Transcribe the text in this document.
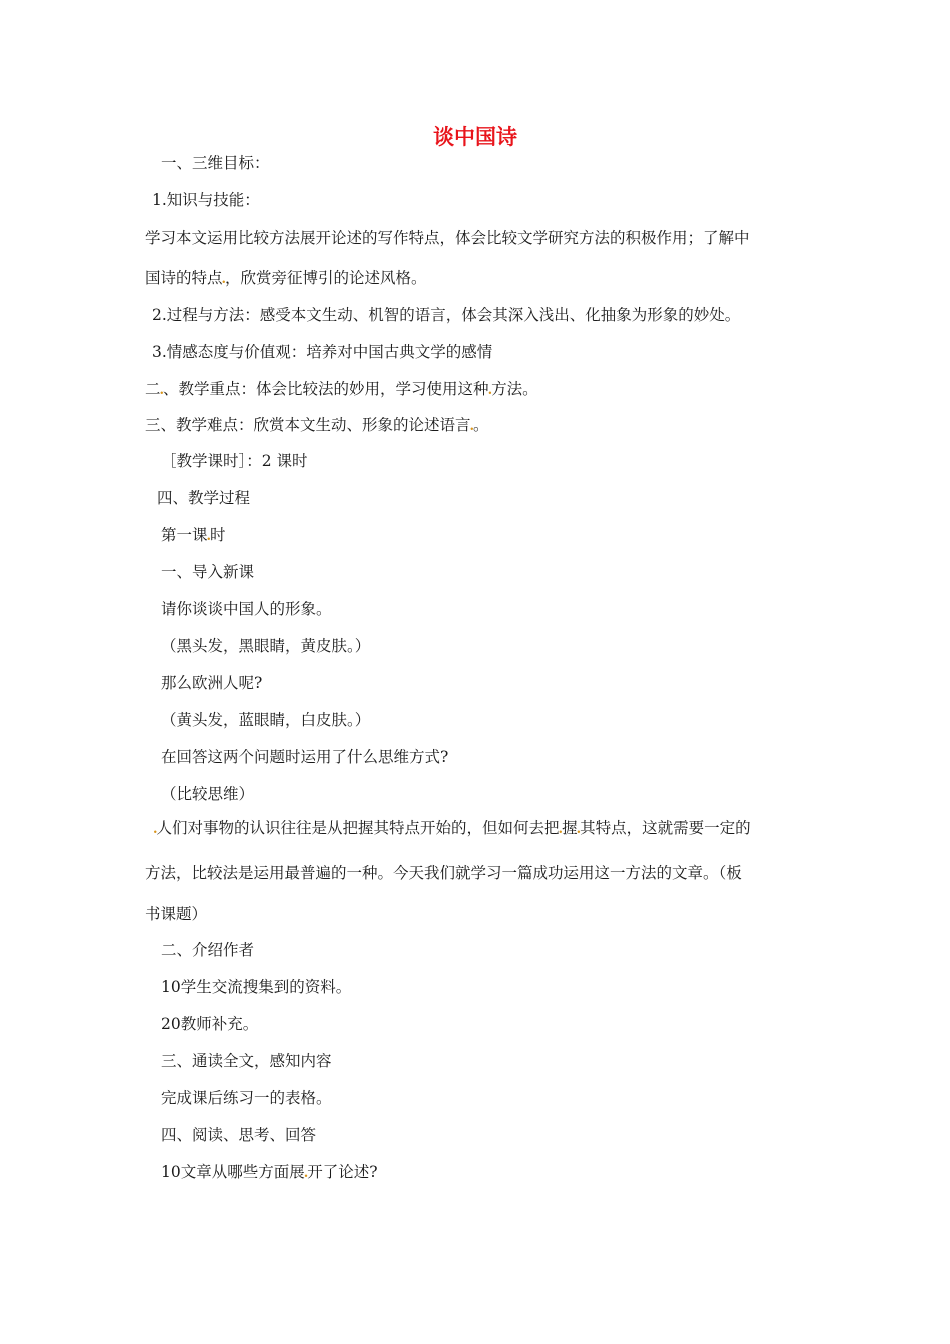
谈中国诗
一、三维目标：
1.知识与技能：
学习本文运用比较方法展开论述的写作特点，体会比较文学研究方法的积极作用；了解中
国诗的特点.，欣赏旁征博引的论述风格。
2.过程与方法：感受本文生动、机智的语言，体会其深入浅出、化抽象为形象的妙处。
3.情感态度与价值观：培养对中国古典文学的感情
二.、教学重点：体会比较法的妙用，学习使用这种.方法。
三、教学难点：欣赏本文生动、形象的论述语言.。
［教学课时］：2 课时
四、教学过程
第一课.时
一、导入新课
请你谈谈中国人的形象。
（黑头发，黑眼睛，黄皮肤。）
那么欧洲人呢?
（黄头发，蓝眼睛，白皮肤。）
在回答这两个问题时运用了什么思维方式?
（比较思维）
.人们对事物的认识往往是从把握其特点开始的，但如何去把.握.其特点，这就需要一定的
方法，比较法是运用最普遍的一种。今天我们就学习一篇成功运用这一方法的文章。（板
书课题）
二、介绍作者
10学生交流搜集到的资料。
20教师补充。
三、通读全文，感知内容
完成课后练习一的表格。
四、阅读、思考、回答
10文章从哪些方面展.开了论述?
